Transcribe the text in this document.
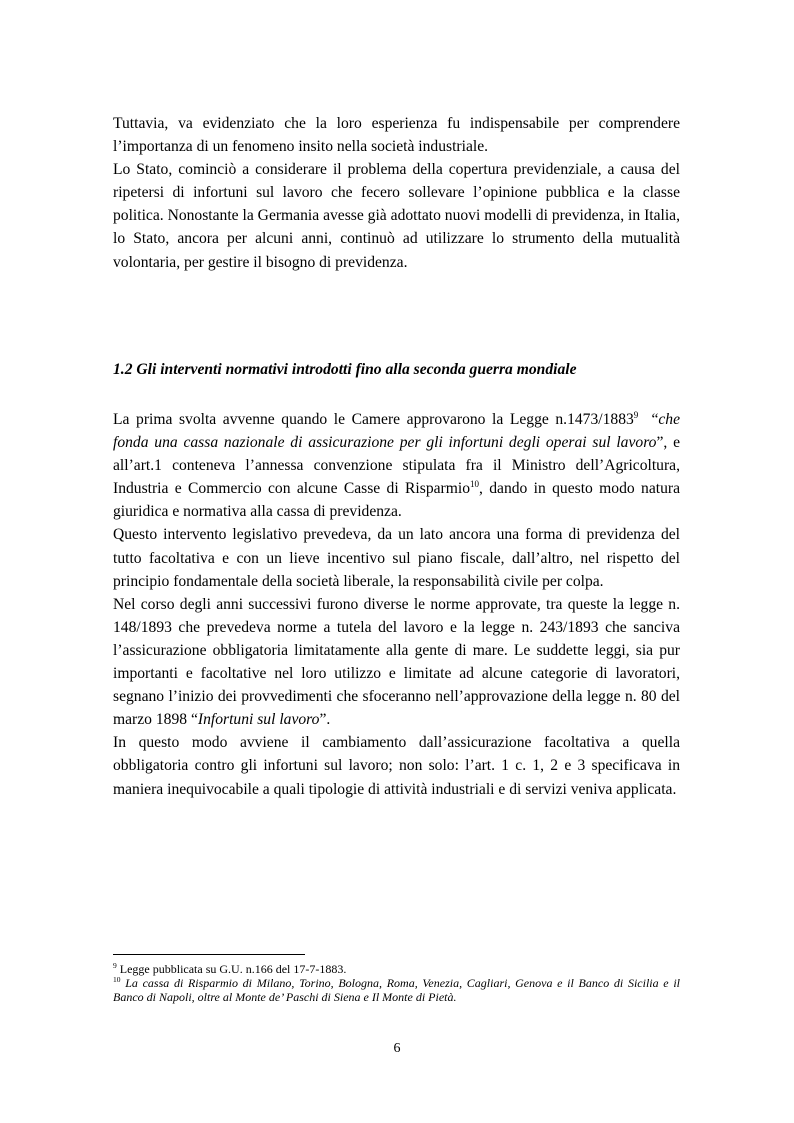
Tuttavia, va evidenziato che la loro esperienza fu indispensabile per comprendere l’importanza di un fenomeno insito nella società industriale.

Lo Stato, cominciò a considerare il problema della copertura previdenziale, a causa del ripetersi di infortuni sul lavoro che fecero sollevare l’opinione pubblica e la classe politica. Nonostante la Germania avesse già adottato nuovi modelli di previdenza, in Italia, lo Stato, ancora per alcuni anni, continuò ad utilizzare lo strumento della mutualità volontaria, per gestire il bisogno di previdenza.

1.2 Gli interventi normativi introdotti fino alla seconda guerra mondiale

La prima svolta avvenne quando le Camere approvarono la Legge n.1473/1883$^9$  “che fonda una cassa nazionale di assicurazione per gli infortuni degli operai sul lavoro”, e all’art.1 conteneva l’annessa convenzione stipulata fra il Ministro dell’Agricoltura, Industria e Commercio con alcune Casse di Risparmio$^{10}$, dando in questo modo natura giuridica e normativa alla cassa di previdenza.

Questo intervento legislativo prevedeva, da un lato ancora una forma di previdenza del tutto facoltativa e con un lieve incentivo sul piano fiscale, dall’altro, nel rispetto del principio fondamentale della società liberale, la responsabilità civile per colpa.

Nel corso degli anni successivi furono diverse le norme approvate, tra queste la legge n. 148/1893 che prevedeva norme a tutela del lavoro e la legge n. 243/1893 che sanciva l’assicurazione obbligatoria limitatamente alla gente di mare. Le suddette leggi, sia pur importanti e facoltative nel loro utilizzo e limitate ad alcune categorie di lavoratori, segnano l’inizio dei provvedimenti che sfoceranno nell’approvazione della legge n. 80 del marzo 1898 “Infortuni sul lavoro”.

In questo modo avviene il cambiamento dall’assicurazione facoltativa a quella obbligatoria contro gli infortuni sul lavoro; non solo: l’art. 1 c. 1, 2 e 3 specificava in maniera inequivocabile a quali tipologie di attività industriali e di servizi veniva applicata.

$^9$ Legge pubblicata su G.U. n.166 del 17-7-1883.

$^{10}$ La cassa di Risparmio di Milano, Torino, Bologna, Roma, Venezia, Cagliari, Genova e il Banco di Sicilia e il Banco di Napoli, oltre al Monte de’ Paschi di Siena e Il Monte di Pietà.

6
